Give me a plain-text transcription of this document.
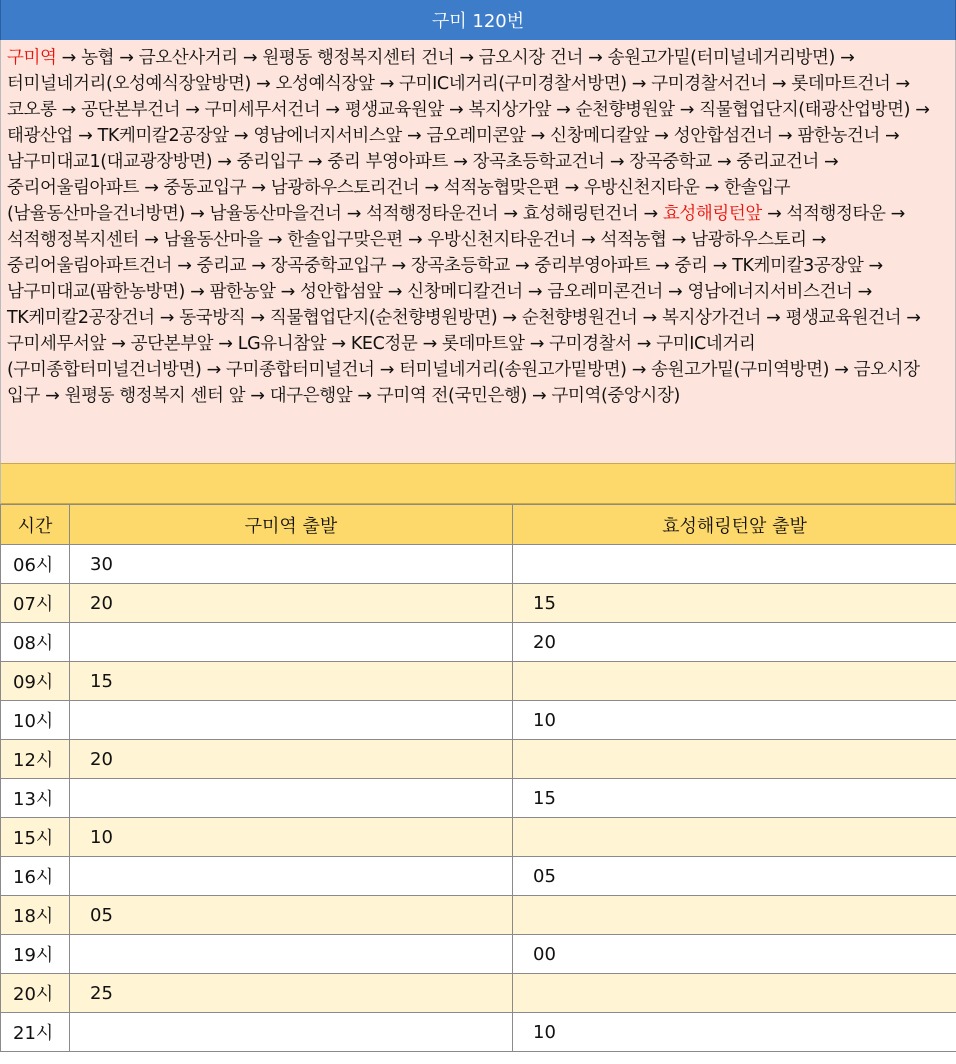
구미 120번
구미역 → 농협 → 금오산사거리 → 원평동 행정복지센터 건너 → 금오시장 건너 → 송원고가밑(터미널네거리방면) → 터미널네거리(오성예식장앞방면) → 오성예식장앞 → 구미IC네거리(구미경찰서방면) → 구미경찰서건너 → 롯데마트건너 → 코오롱 → 공단본부건너 → 구미세무서건너 → 평생교육원앞 → 복지상가앞 → 순천향병원앞 → 직물협업단지(태광산업방면) → 태광산업 → TK케미칼2공장앞 → 영남에너지서비스앞 → 금오레미콘앞 → 신창메디칼앞 → 성안합섬건너 → 팜한농건너 → 남구미대교1(대교광장방면) → 중리입구 → 중리 부영아파트 → 장곡초등학교건너 → 장곡중학교 → 중리교건너 → 중리어울림아파트 → 중동교입구 → 남광하우스토리건너 → 석적농협맞은편 → 우방신천지타운 → 한솔입구(남율동산마을건너방면) → 남율동산마을건너 → 석적행정타운건너 → 효성해링턴건너 → 효성해링턴앞 → 석적행정타운 → 석적행정복지센터 → 남율동산마을 → 한솔입구맞은편 → 우방신천지타운건너 → 석적농협 → 남광하우스토리 → 중리어울림아파트건너 → 중리교 → 장곡중학교입구 → 장곡초등학교 → 중리부영아파트 → 중리 → TK케미칼3공장앞 → 남구미대교(팜한농방면) → 팜한농앞 → 성안합섬앞 → 신창메디칼건너 → 금오레미콘건너 → 영남에너지서비스건너 → TK케미칼2공장건너 → 동국방직 → 직물협업단지(순천향병원방면) → 순천향병원건너 → 복지상가건너 → 평생교육원건너 → 구미세무서앞 → 공단본부앞 → LG유니참앞 → KEC정문 → 롯데마트앞 → 구미경찰서 → 구미IC네거리(구미종합터미널건너방면) → 구미종합터미널건너 → 터미널네거리(송원고가밑방면) → 송원고가밑(구미역방면) → 금오시장 입구 → 원평동 행정복지 센터 앞 → 대구은행앞 → 구미역 전(국민은행) → 구미역(중앙시장)
시간	구미역 출발	효성해링턴앞 출발
06시	30	
07시	20	15
08시		20
09시	15	
10시		10
12시	20	
13시		15
15시	10	
16시		05
18시	05	
19시		00
20시	25	
21시		10
